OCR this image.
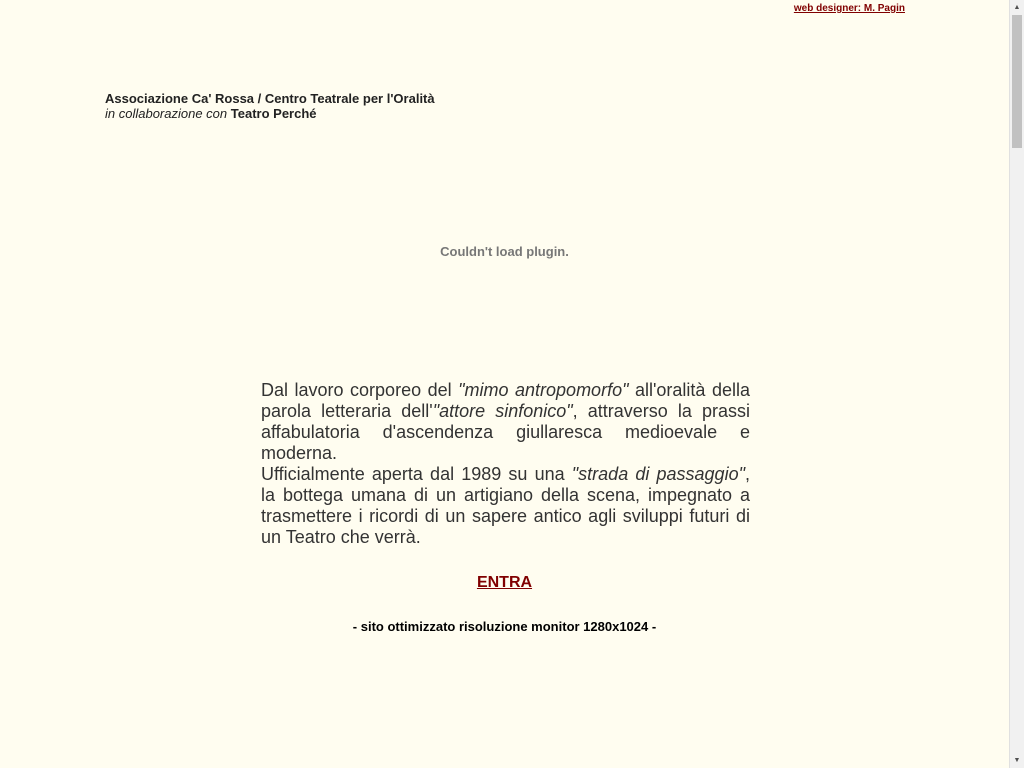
web designer: M. Pagin
Associazione Ca' Rossa / Centro Teatrale per l'Oralità
in collaborazione con Teatro Perché
Couldn't load plugin.

Dal lavoro corporeo del "mimo antropomorfo" all'oralità della parola letteraria dell'"attore sinfonico", attraverso la prassi affabulatoria d'ascendenza giullaresca medioevale e moderna.

Ufficialmente aperta dal 1989 su una "strada di passaggio", la bottega umana di un artigiano della scena, impegnato a trasmettere i ricordi di un sapere antico agli sviluppi futuri di un Teatro che verrà.

ENTRA
- sito ottimizzato risoluzione monitor 1280x1024 -
▲
▼
